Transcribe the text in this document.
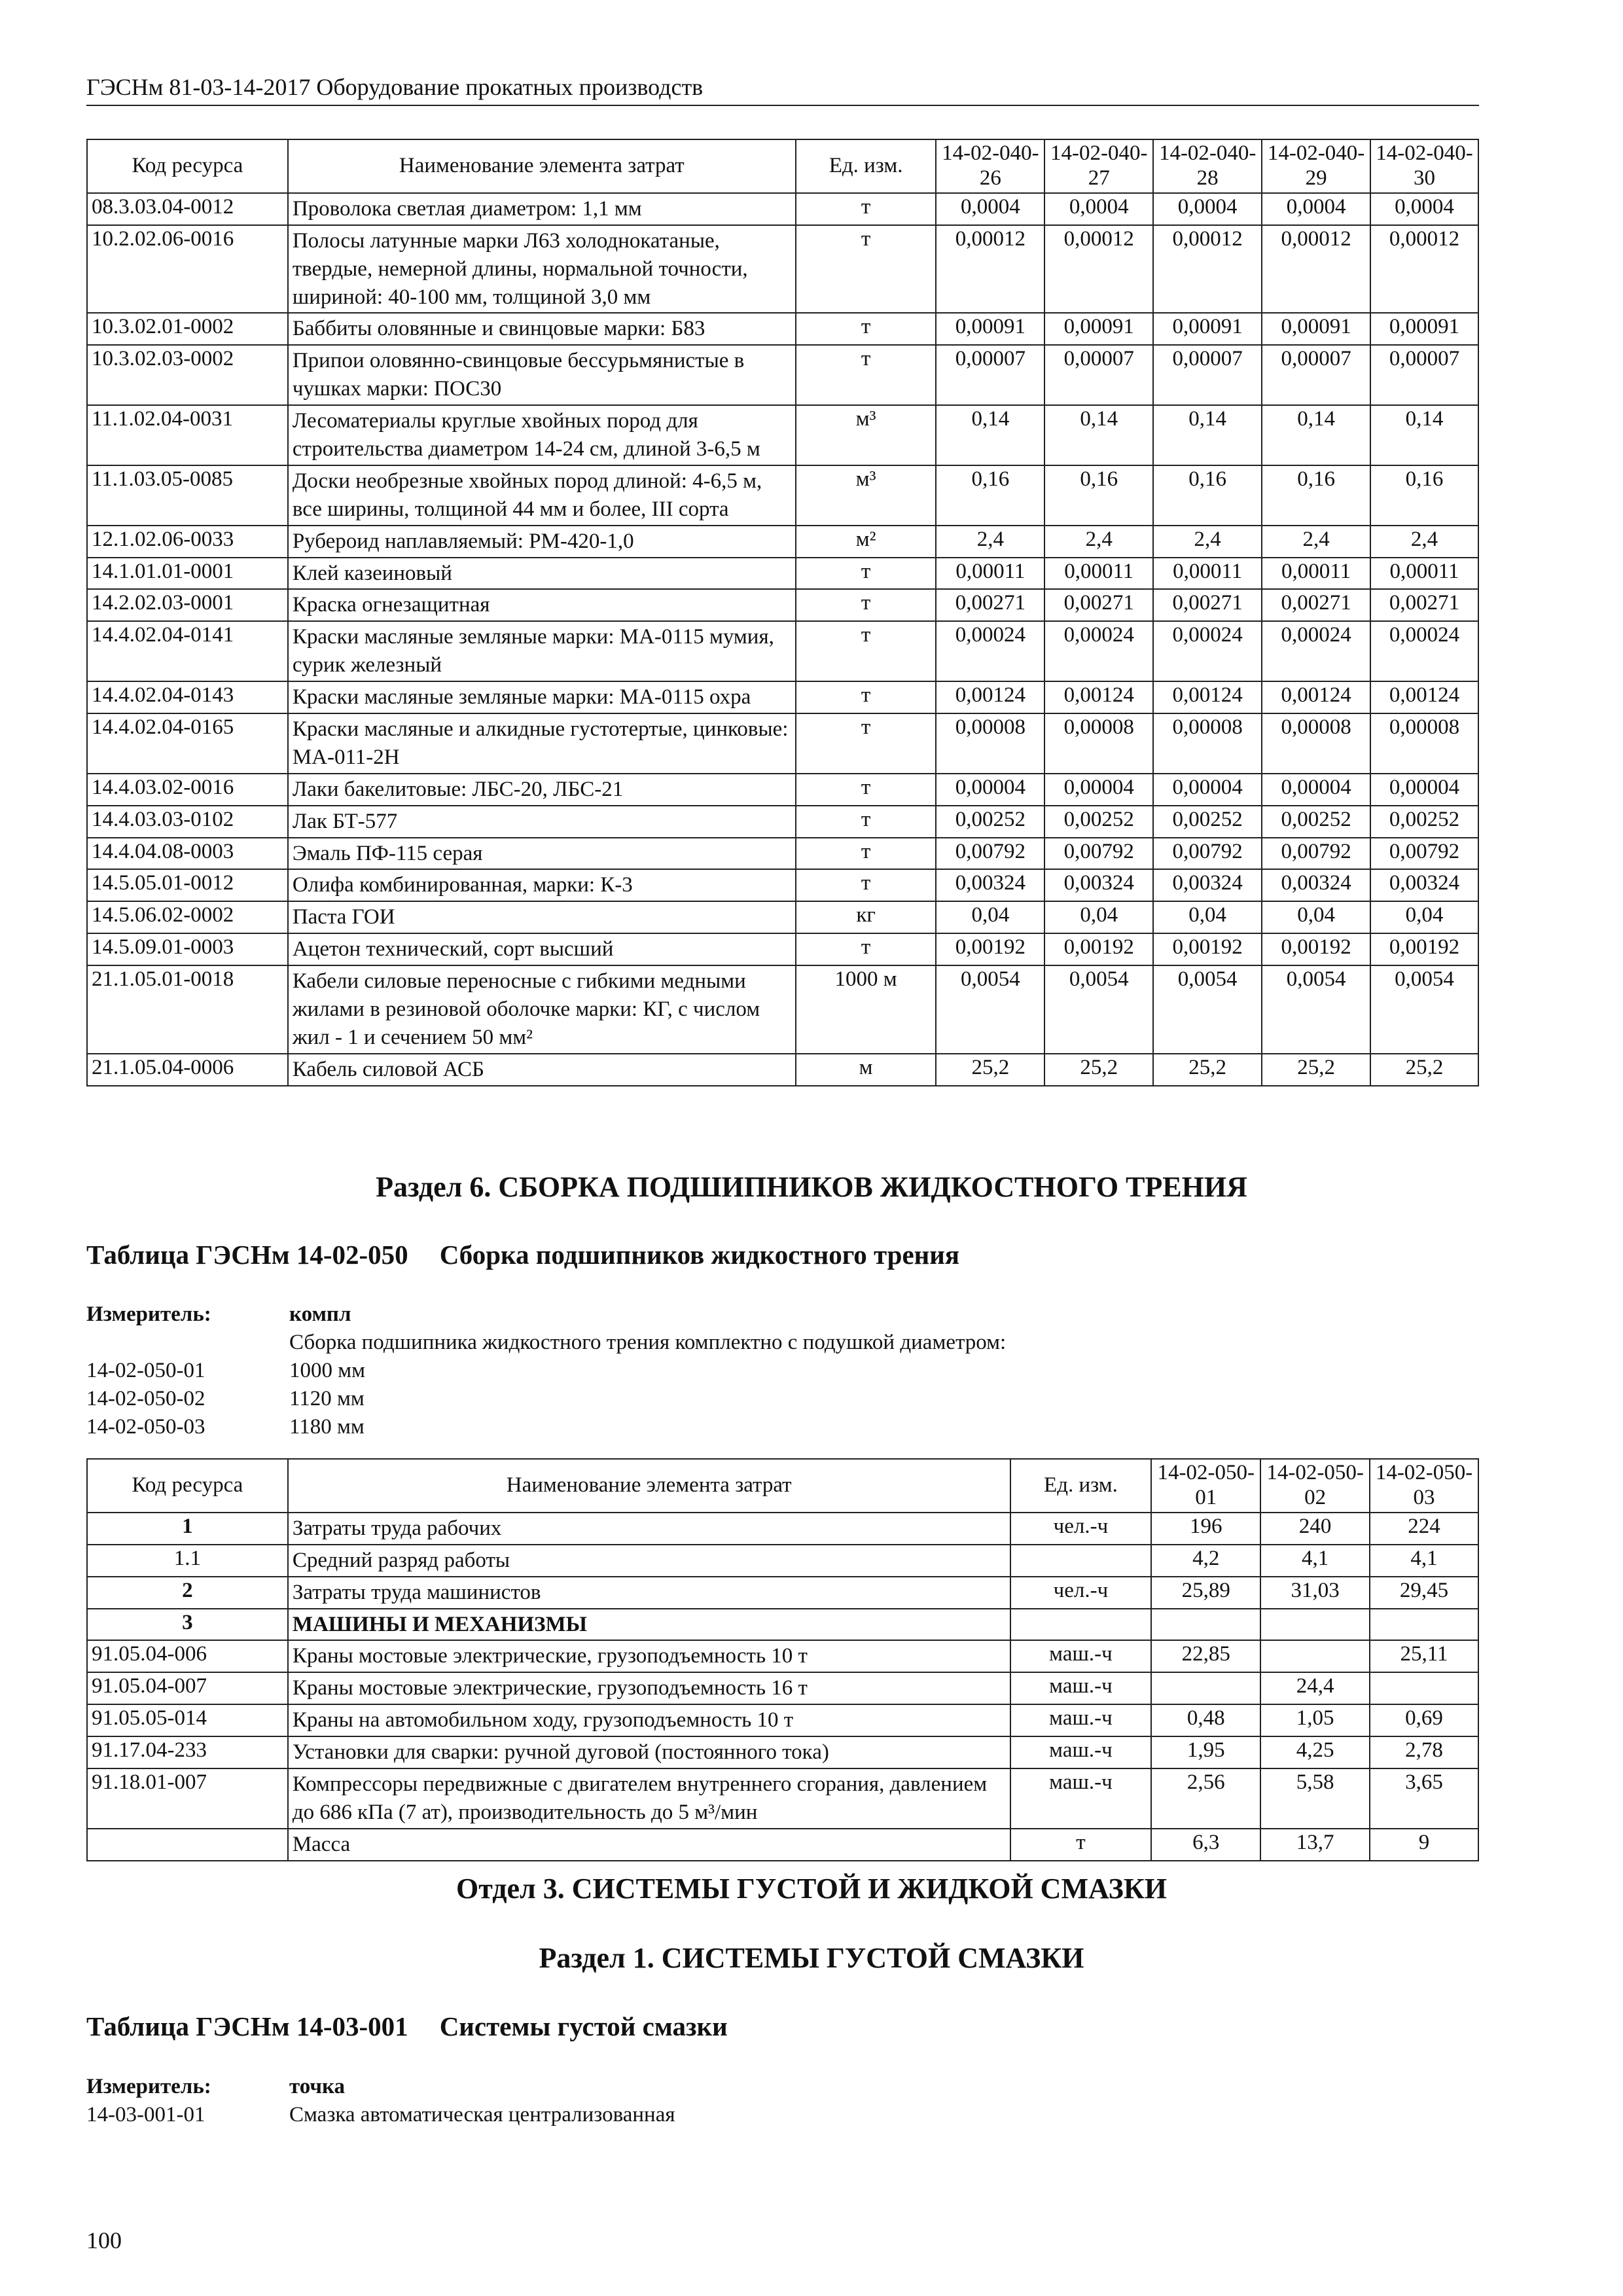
ГЭСНм 81-03-14-2017 Оборудование прокатных производств
Код ресурса	Наименование элемента затрат	Ед. изм.	14-02-040-26	14-02-040-27	14-02-040-28	14-02-040-29	14-02-040-30
08.3.03.04-0012	Проволока светлая диаметром: 1,1 мм	т	0,0004	0,0004	0,0004	0,0004	0,0004
10.2.02.06-0016	Полосы латунные марки Л63 холоднокатаные, твердые, немерной длины, нормальной точности, шириной: 40-100 мм, толщиной 3,0 мм	т	0,00012	0,00012	0,00012	0,00012	0,00012
10.3.02.01-0002	Баббиты оловянные и свинцовые марки: Б83	т	0,00091	0,00091	0,00091	0,00091	0,00091
10.3.02.03-0002	Припои оловянно-свинцовые бессурьмянистые в чушках марки: ПОС30	т	0,00007	0,00007	0,00007	0,00007	0,00007
11.1.02.04-0031	Лесоматериалы круглые хвойных пород для строительства диаметром 14-24 см, длиной 3-6,5 м	м³	0,14	0,14	0,14	0,14	0,14
11.1.03.05-0085	Доски необрезные хвойных пород длиной: 4-6,5 м, все ширины, толщиной 44 мм и более, III сорта	м³	0,16	0,16	0,16	0,16	0,16
12.1.02.06-0033	Рубероид наплавляемый: РМ-420-1,0	м²	2,4	2,4	2,4	2,4	2,4
14.1.01.01-0001	Клей казеиновый	т	0,00011	0,00011	0,00011	0,00011	0,00011
14.2.02.03-0001	Краска огнезащитная	т	0,00271	0,00271	0,00271	0,00271	0,00271
14.4.02.04-0141	Краски масляные земляные марки: МА-0115 мумия, сурик железный	т	0,00024	0,00024	0,00024	0,00024	0,00024
14.4.02.04-0143	Краски масляные земляные марки: МА-0115 охра	т	0,00124	0,00124	0,00124	0,00124	0,00124
14.4.02.04-0165	Краски масляные и алкидные густотертые, цинковые: МА-011-2Н	т	0,00008	0,00008	0,00008	0,00008	0,00008
14.4.03.02-0016	Лаки бакелитовые: ЛБС-20, ЛБС-21	т	0,00004	0,00004	0,00004	0,00004	0,00004
14.4.03.03-0102	Лак БТ-577	т	0,00252	0,00252	0,00252	0,00252	0,00252
14.4.04.08-0003	Эмаль ПФ-115 серая	т	0,00792	0,00792	0,00792	0,00792	0,00792
14.5.05.01-0012	Олифа комбинированная, марки: К-3	т	0,00324	0,00324	0,00324	0,00324	0,00324
14.5.06.02-0002	Паста ГОИ	кг	0,04	0,04	0,04	0,04	0,04
14.5.09.01-0003	Ацетон технический, сорт высший	т	0,00192	0,00192	0,00192	0,00192	0,00192
21.1.05.01-0018	Кабели силовые переносные с гибкими медными жилами в резиновой оболочке марки: КГ, с числом жил - 1 и сечением 50 мм²	1000 м	0,0054	0,0054	0,0054	0,0054	0,0054
21.1.05.04-0006	Кабель силовой АСБ	м	25,2	25,2	25,2	25,2	25,2
Раздел 6. СБОРКА ПОДШИПНИКОВ ЖИДКОСТНОГО ТРЕНИЯ
Таблица ГЭСНм 14-02-050 Сборка подшипников жидкостного трения
Измеритель:	компл
Сборка подшипника жидкостного трения комплектно с подушкой диаметром:
14-02-050-01	1000 мм
14-02-050-02	1120 мм
14-02-050-03	1180 мм
Код ресурса	Наименование элемента затрат	Ед. изм.	14-02-050-01	14-02-050-02	14-02-050-03
1	Затраты труда рабочих	чел.-ч	196	240	224
1.1	Средний разряд работы		4,2	4,1	4,1
2	Затраты труда машинистов	чел.-ч	25,89	31,03	29,45
3	МАШИНЫ И МЕХАНИЗМЫ				
91.05.04-006	Краны мостовые электрические, грузоподъемность 10 т	маш.-ч	22,85		25,11
91.05.04-007	Краны мостовые электрические, грузоподъемность 16 т	маш.-ч		24,4	
91.05.05-014	Краны на автомобильном ходу, грузоподъемность 10 т	маш.-ч	0,48	1,05	0,69
91.17.04-233	Установки для сварки: ручной дуговой (постоянного тока)	маш.-ч	1,95	4,25	2,78
91.18.01-007	Компрессоры передвижные с двигателем внутреннего сгорания, давлением до 686 кПа (7 ат), производительность до 5 м³/мин	маш.-ч	2,56	5,58	3,65
	Масса	т	6,3	13,7	9
Отдел 3. СИСТЕМЫ ГУСТОЙ И ЖИДКОЙ СМАЗКИ
Раздел 1. СИСТЕМЫ ГУСТОЙ СМАЗКИ
Таблица ГЭСНм 14-03-001 Системы густой смазки
Измеритель:	точка
14-03-001-01	Смазка автоматическая централизованная
100
